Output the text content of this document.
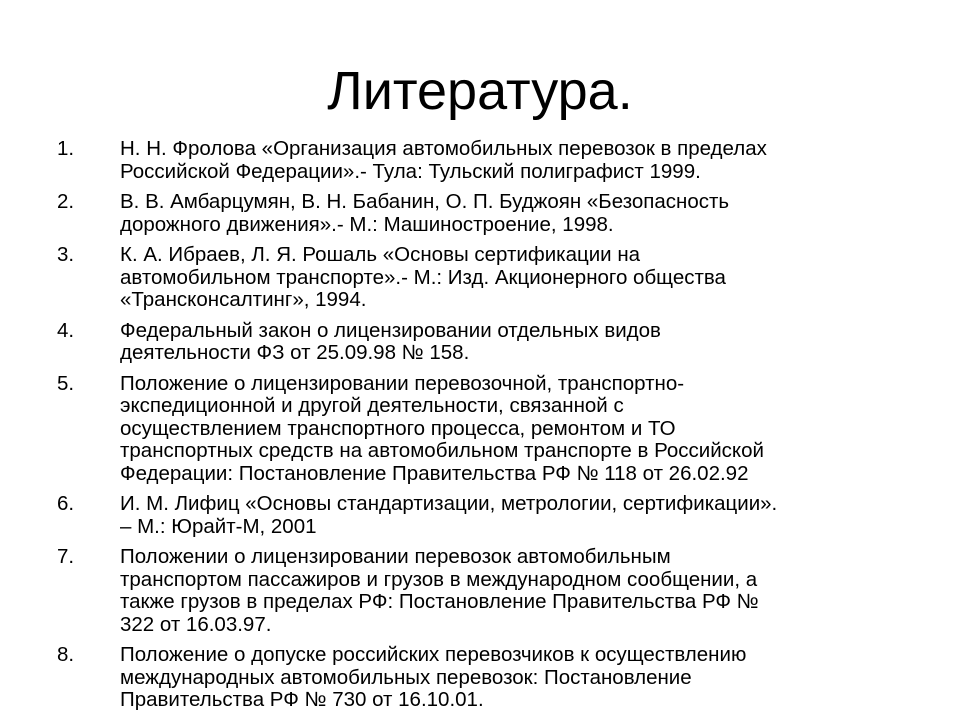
Литература.
1. Н. Н. Фролова «Организация автомобильных перевозок в пределах
Российской Федерации».- Тула: Тульский полиграфист 1999.
2. В. В. Амбарцумян, В. Н. Бабанин, О. П. Буджоян «Безопасность
дорожного движения».- М.: Машиностроение, 1998.
3. К. А. Ибраев, Л. Я. Рошаль «Основы сертификации на
автомобильном транспорте».- М.: Изд. Акционерного общества
«Трансконсалтинг», 1994.
4. Федеральный закон о лицензировании отдельных видов
деятельности ФЗ от 25.09.98 № 158.
5. Положение о лицензировании перевозочной, транспортно-
экспедиционной и другой деятельности, связанной с
осуществлением транспортного процесса, ремонтом и ТО
транспортных средств на автомобильном транспорте в Российской
Федерации: Постановление Правительства РФ № 118 от 26.02.92
6. И. М. Лифиц «Основы стандартизации, метрологии, сертификации».
– М.: Юрайт-М, 2001
7. Положении о лицензировании перевозок автомобильным
транспортом пассажиров и грузов в международном сообщении, а
также грузов в пределах РФ: Постановление Правительства РФ №
322 от 16.03.97.
8. Положение о допуске российских перевозчиков к осуществлению
международных автомобильных перевозок: Постановление
Правительства РФ № 730 от 16.10.01.
